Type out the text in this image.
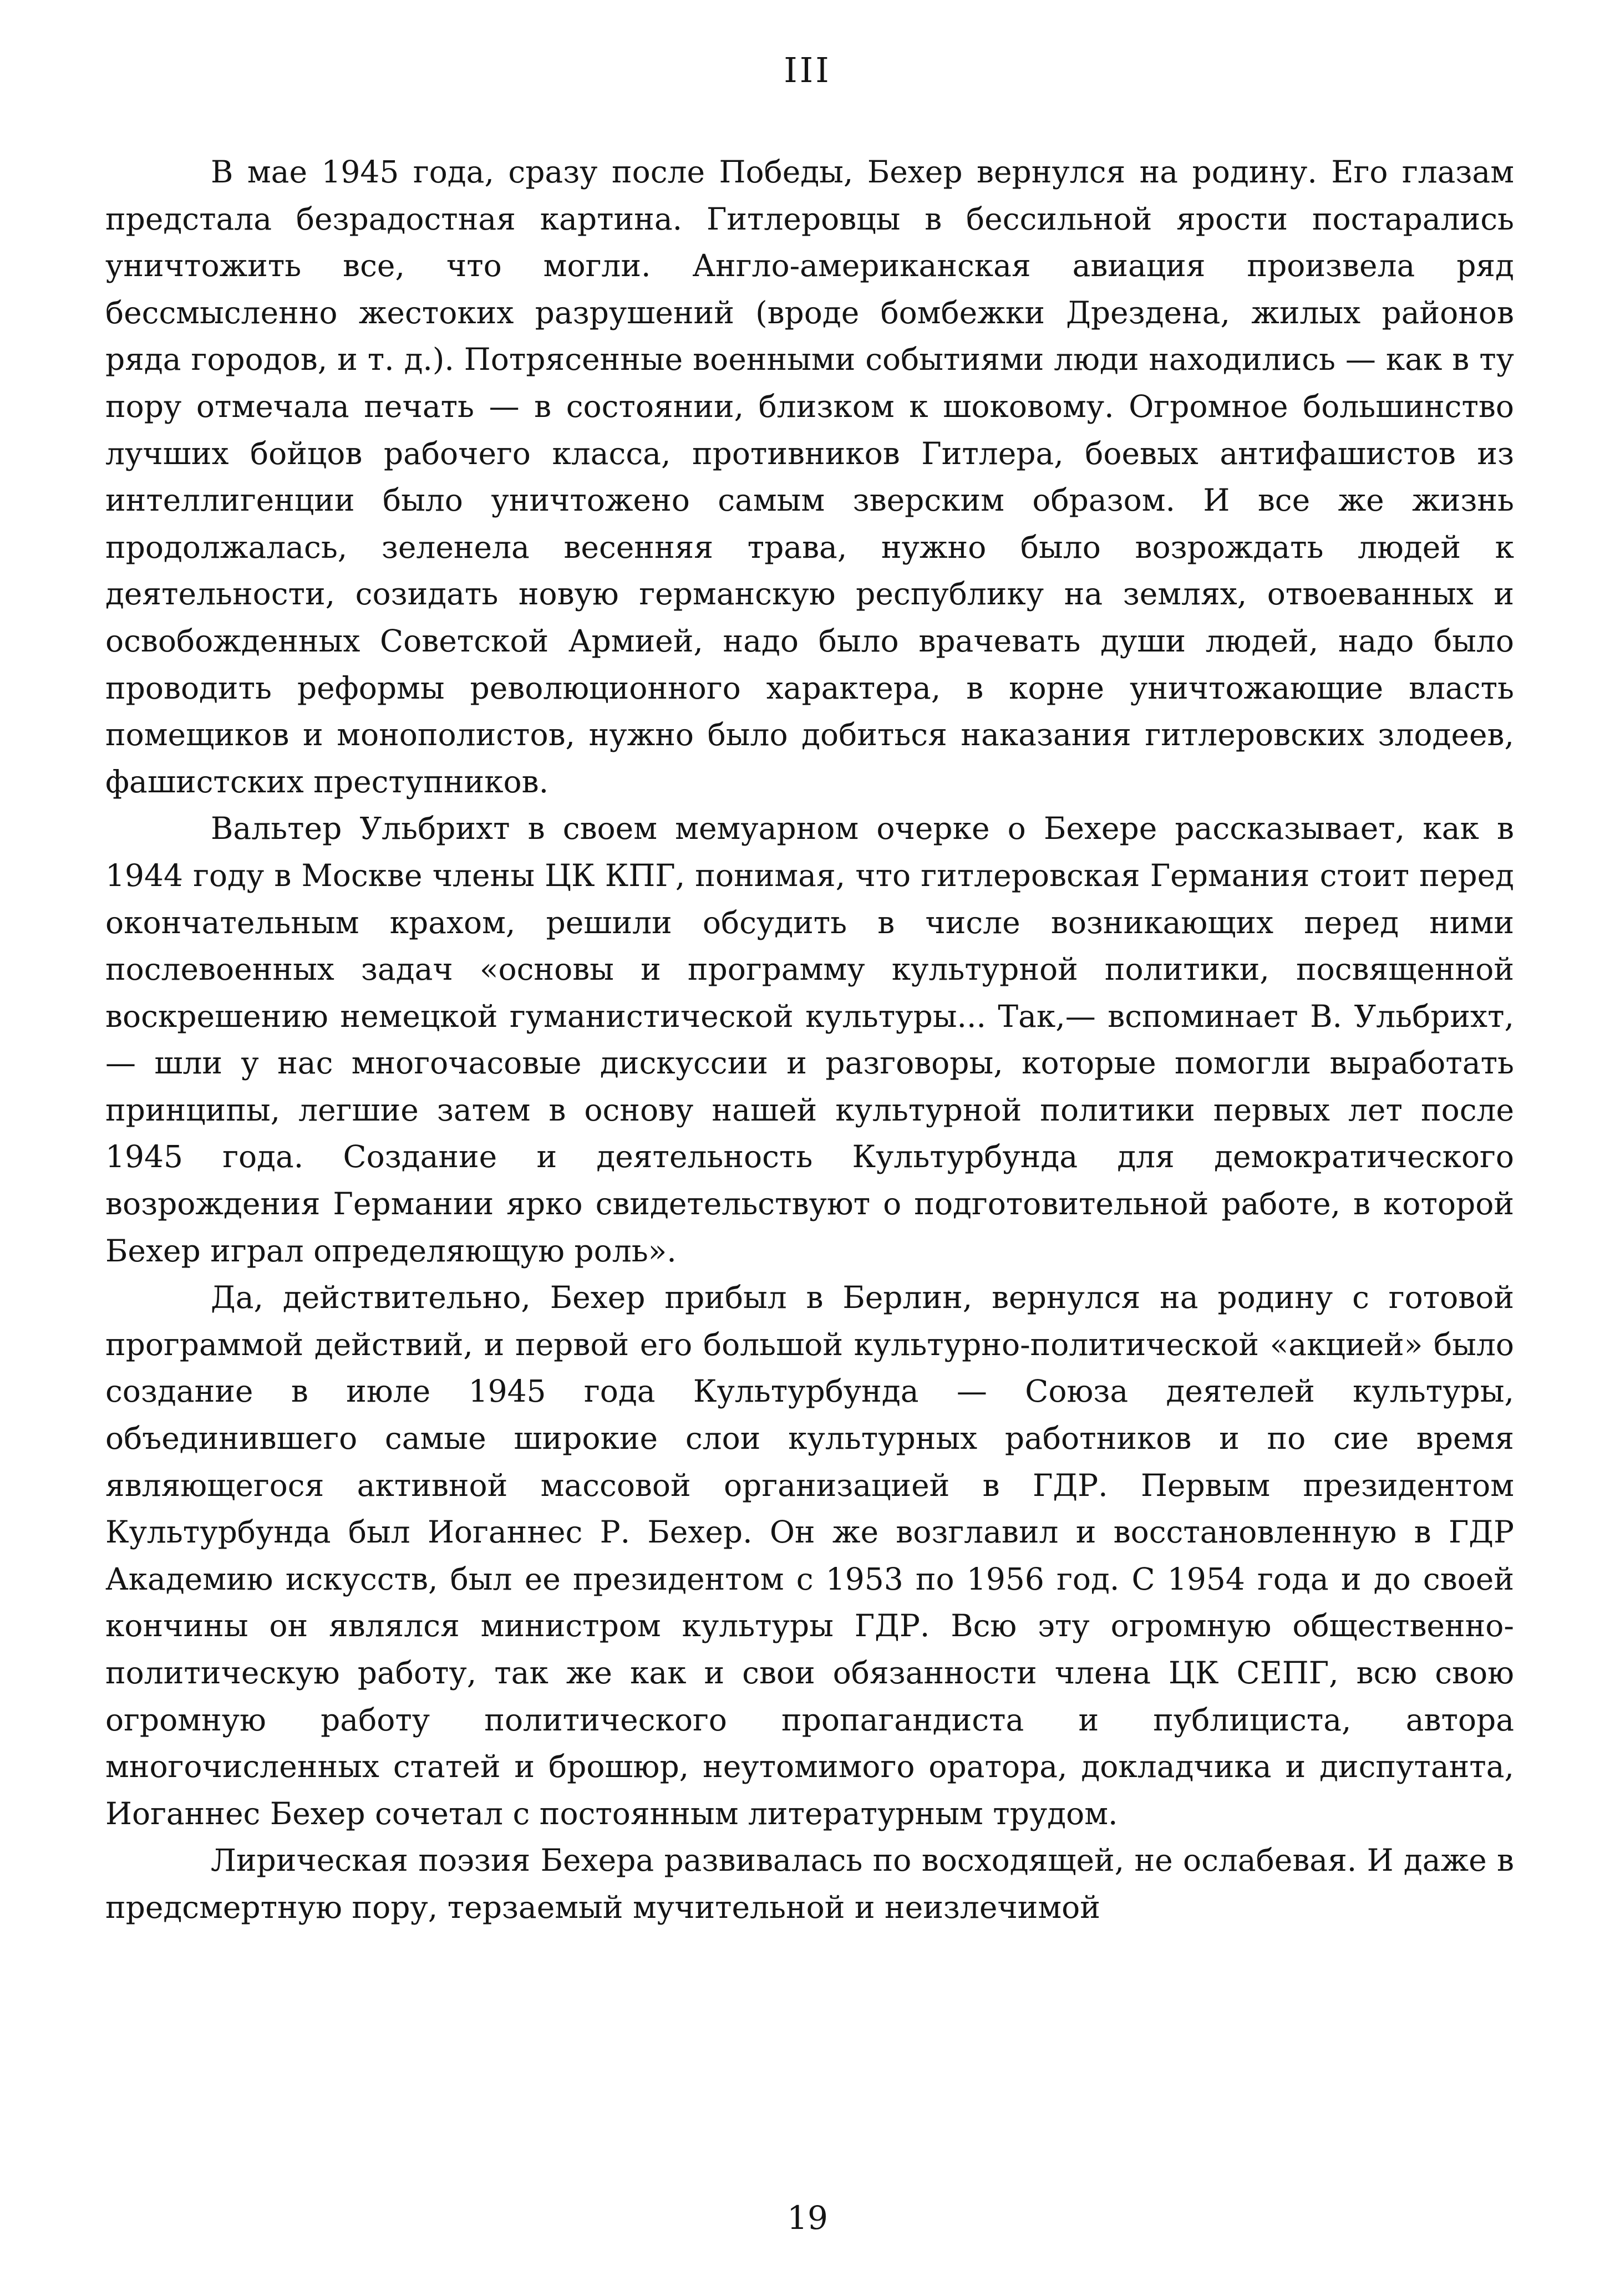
III

В мае 1945 года, сразу после Победы, Бехер вернулся на родину. Его глазам предстала безрадостная картина. Гитлеровцы в бессильной ярости постарались уничтожить все, что могли. Англо-американская авиация произвела ряд бессмысленно жестоких разрушений (вроде бомбежки Дрездена, жилых районов ряда городов, и т. д.). Потрясенные военными событиями люди находились — как в ту пору отмечала печать — в состоянии, близком к шоковому. Огромное большинство лучших бойцов рабочего класса, противников Гитлера, боевых антифашистов из интеллигенции было уничтожено самым зверским образом. И все же жизнь продолжалась, зеленела весенняя трава, нужно было возрождать людей к деятельности, созидать новую германскую республику на землях, отвоеванных и освобожденных Советской Армией, надо было врачевать души людей, надо было проводить реформы революционного характера, в корне уничтожающие власть помещиков и монополистов, нужно было добиться наказания гитлеровских злодеев, фашистских преступников.

Вальтер Ульбрихт в своем мемуарном очерке о Бехере рассказывает, как в 1944 году в Москве члены ЦК КПГ, понимая, что гитлеровская Германия стоит перед окончательным крахом, решили обсудить в числе возникающих перед ними послевоенных задач «основы и программу культурной политики, посвященной воскрешению немецкой гуманистической культуры... Так,— вспоминает В. Ульбрихт,— шли у нас многочасовые дискуссии и разговоры, которые помогли выработать принципы, легшие затем в основу нашей культурной политики первых лет после 1945 года. Создание и деятельность Культурбунда для демократического возрождения Германии ярко свидетельствуют о подготовительной работе, в которой Бехер играл определяющую роль».

Да, действительно, Бехер прибыл в Берлин, вернулся на родину с готовой программой действий, и первой его большой культурно-политической «акцией» было создание в июле 1945 года Культурбунда — Союза деятелей культуры, объединившего самые широкие слои культурных работников и по сие время являющегося активной массовой организацией в ГДР. Первым президентом Культурбунда был Иоганнес Р. Бехер. Он же возглавил и восстановленную в ГДР Академию искусств, был ее президентом с 1953 по 1956 год. С 1954 года и до своей кончины он являлся министром культуры ГДР. Всю эту огромную общественно-политическую работу, так же как и свои обязанности члена ЦК СЕПГ, всю свою огромную работу политического пропагандиста и публициста, автора многочисленных статей и брошюр, неутомимого оратора, докладчика и диспутанта, Иоганнес Бехер сочетал с постоянным литературным трудом.

Лирическая поэзия Бехера развивалась по восходящей, не ослабевая. И даже в предсмертную пору, терзаемый мучительной и неизлечимой

19
